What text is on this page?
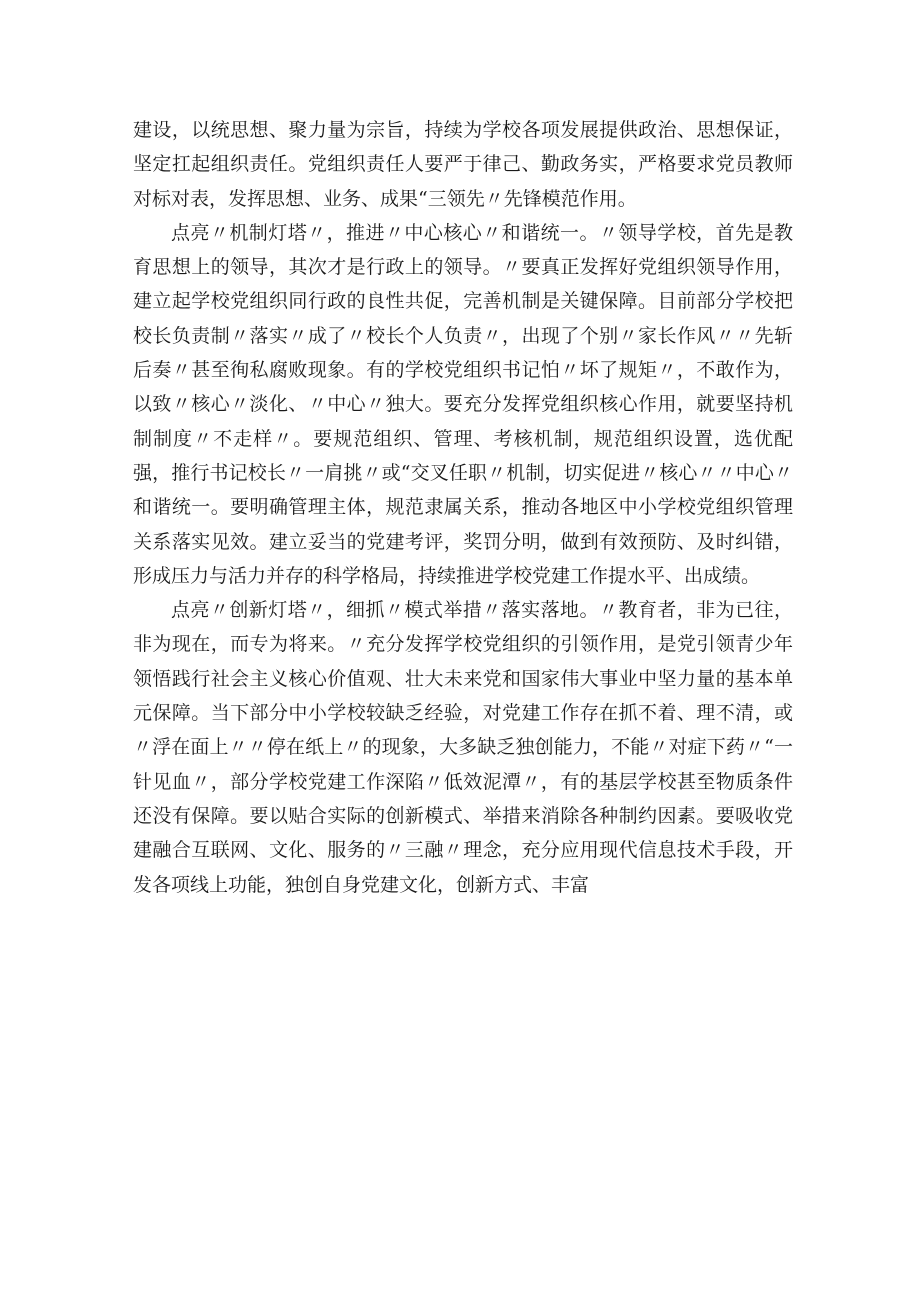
建设，以统思想、聚力量为宗旨，持续为学校各项发展提供政治、思想保证，坚定扛起组织责任。党组织责任人要严于律己、勤政务实，严格要求党员教师对标对表，发挥思想、业务、成果“三领先〃先锋模范作用。

点亮〃机制灯塔〃，推进〃中心核心〃和谐统一。〃领导学校，首先是教育思想上的领导，其次才是行政上的领导。〃要真正发挥好党组织领导作用，建立起学校党组织同行政的良性共促，完善机制是关键保障。目前部分学校把校长负责制〃落实〃成了〃校长个人负责〃，出现了个别〃家长作风〃〃先斩后奏〃甚至徇私腐败现象。有的学校党组织书记怕〃坏了规矩〃，不敢作为，以致〃核心〃淡化、〃中心〃独大。要充分发挥党组织核心作用，就要坚持机制制度〃不走样〃。要规范组织、管理、考核机制，规范组织设置，选优配强，推行书记校长〃一肩挑〃或“交叉任职〃机制，切实促进〃核心〃〃中心〃和谐统一。要明确管理主体，规范隶属关系，推动各地区中小学校党组织管理关系落实见效。建立妥当的党建考评，奖罚分明，做到有效预防、及时纠错，形成压力与活力并存的科学格局，持续推进学校党建工作提水平、出成绩。

点亮〃创新灯塔〃，细抓〃模式举措〃落实落地。〃教育者，非为已往，非为现在，而专为将来。〃充分发挥学校党组织的引领作用，是党引领青少年领悟践行社会主义核心价值观、壮大未来党和国家伟大事业中坚力量的基本单元保障。当下部分中小学校较缺乏经验，对党建工作存在抓不着、理不清，或〃浮在面上〃〃停在纸上〃的现象，大多缺乏独创能力，不能〃对症下药〃“一针见血〃，部分学校党建工作深陷〃低效泥潭〃，有的基层学校甚至物质条件还没有保障。要以贴合实际的创新模式、举措来消除各种制约因素。要吸收党建融合互联网、文化、服务的〃三融〃理念，充分应用现代信息技术手段，开发各项线上功能，独创自身党建文化，创新方式、丰富
